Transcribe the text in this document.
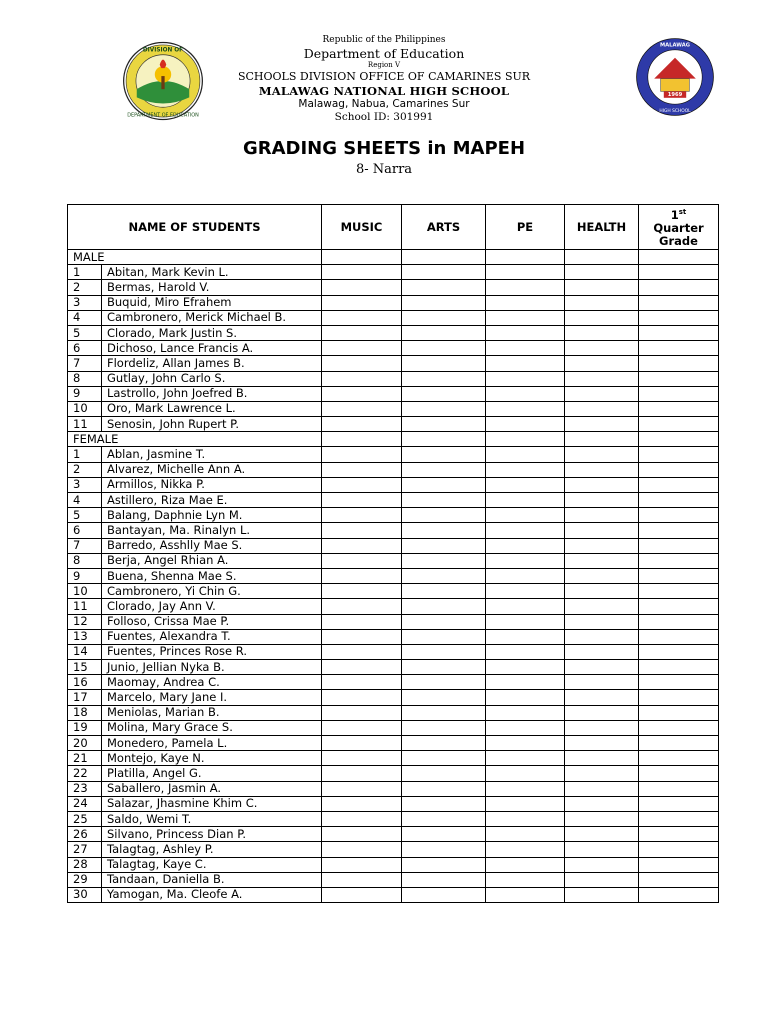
DIVISION OF
DEPARTMENT OF EDUCATION
1969
MALAWAG
HIGH SCHOOL
Republic of the Philippines
Department of Education
Region V
SCHOOLS DIVISION OFFICE OF CAMARINES SUR
MALAWAG NATIONAL HIGH SCHOOL
Malawag, Nabua, Camarines Sur
School ID: 301991
GRADING SHEETS in MAPEH
8- Narra
NAME OF STUDENTS		MUSIC	ARTS	PE	HEALTH	1st
Quarter
Grade
MALE						
1	Abitan, Mark Kevin L.					
2	Bermas, Harold V.					
3	Buquid, Miro Efrahem					
4	Cambronero, Merick Michael B.					
5	Clorado, Mark Justin S.					
6	Dichoso, Lance Francis A.					
7	Flordeliz, Allan James B.					
8	Gutlay, John Carlo S.					
9	Lastrollo, John Joefred B.					
10	Oro, Mark Lawrence L.					
11	Senosin, John Rupert P.					
FEMALE						
1	Ablan, Jasmine T.					
2	Alvarez, Michelle Ann A.					
3	Armillos, Nikka P.					
4	Astillero, Riza Mae E.					
5	Balang, Daphnie Lyn M.					
6	Bantayan, Ma. Rinalyn L.					
7	Barredo, Asshlly Mae S.					
8	Berja, Angel Rhian A.					
9	Buena, Shenna Mae S.					
10	Cambronero, Yi Chin G.					
11	Clorado, Jay Ann V.					
12	Folloso, Crissa Mae P.					
13	Fuentes, Alexandra T.					
14	Fuentes, Princes Rose R.					
15	Junio, Jellian Nyka B.					
16	Maomay, Andrea C.					
17	Marcelo, Mary Jane I.					
18	Meniolas, Marian B.					
19	Molina, Mary Grace S.					
20	Monedero, Pamela L.					
21	Montejo, Kaye N.					
22	Platilla, Angel G.					
23	Saballero, Jasmin A.					
24	Salazar, Jhasmine Khim C.					
25	Saldo, Wemi T.					
26	Silvano, Princess Dian P.					
27	Talagtag, Ashley P.					
28	Talagtag, Kaye C.					
29	Tandaan, Daniella B.					
30	Yamogan, Ma. Cleofe A.					
